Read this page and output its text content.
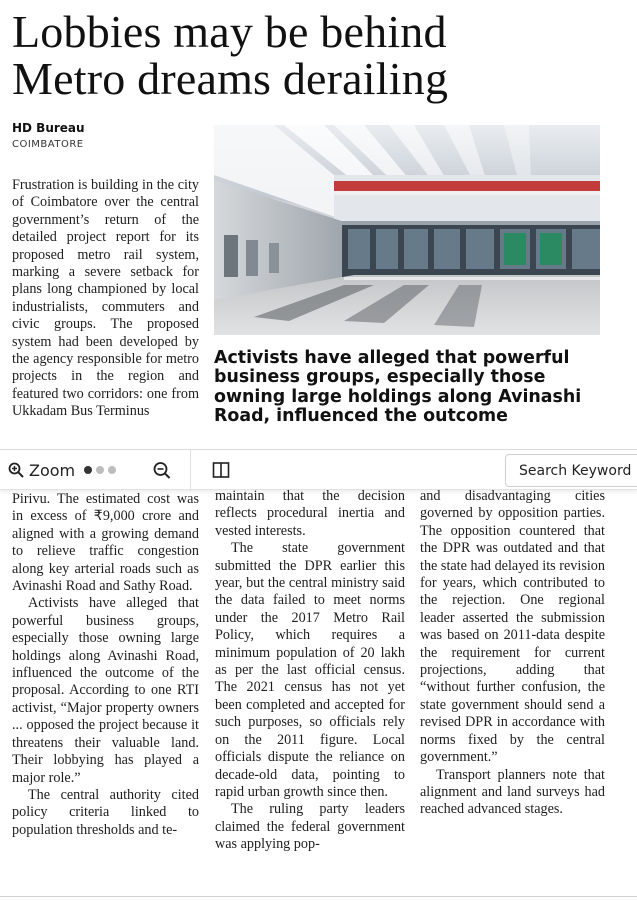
Lobbies may be behind
Metro dreams derailing
HD Bureau
COIMBATORE

Frustration is building in the city of Coimbatore over the central government’s return of the detailed project report for its proposed metro rail system, marking a severe setback for plans long championed by local industrialists, commuters and civic groups. The proposed system had been developed by the agency responsible for metro projects in the region and featured two corridors: one from Ukkadam Bus Terminus

Activists have alleged that powerful business groups, especially those owning large holdings along Avinashi Road, influenced the outcome
Zoom
Search Keyword

Pirivu. The estimated cost was in excess of ₹9,000 crore and aligned with a growing demand to relieve traffic congestion along key arterial roads such as Avinashi Road and Sathy Road.

Activists have alleged that powerful business groups, especially those owning large holdings along Avinashi Road, influenced the outcome of the proposal. According to one RTI activist, “Major property owners ... opposed the project because it threatens their valuable land. Their lobbying has played a major role.”

The central authority cited policy criteria linked to population thresholds and te-

maintain that the decision reflects procedural inertia and vested interests.

The state government submitted the DPR earlier this year, but the central ministry said the data failed to meet norms under the 2017 Metro Rail Policy, which requires a minimum population of 20 lakh as per the last official census. The 2021 census has not yet been completed and accepted for such purposes, so officials rely on the 2011 figure. Local officials dispute the reliance on decade-old data, pointing to rapid urban growth since then.

The ruling party leaders claimed the federal government was applying pop-

and disadvantaging cities governed by opposition parties. The opposition countered that the DPR was outdated and that the state had delayed its revision for years, which contributed to the rejection. One regional leader asserted the submission was based on 2011-data despite the requirement for current projections, adding that “without further confusion, the state government should send a revised DPR in accordance with norms fixed by the central government.”

Transport planners note that alignment and land surveys had reached advanced stages.
